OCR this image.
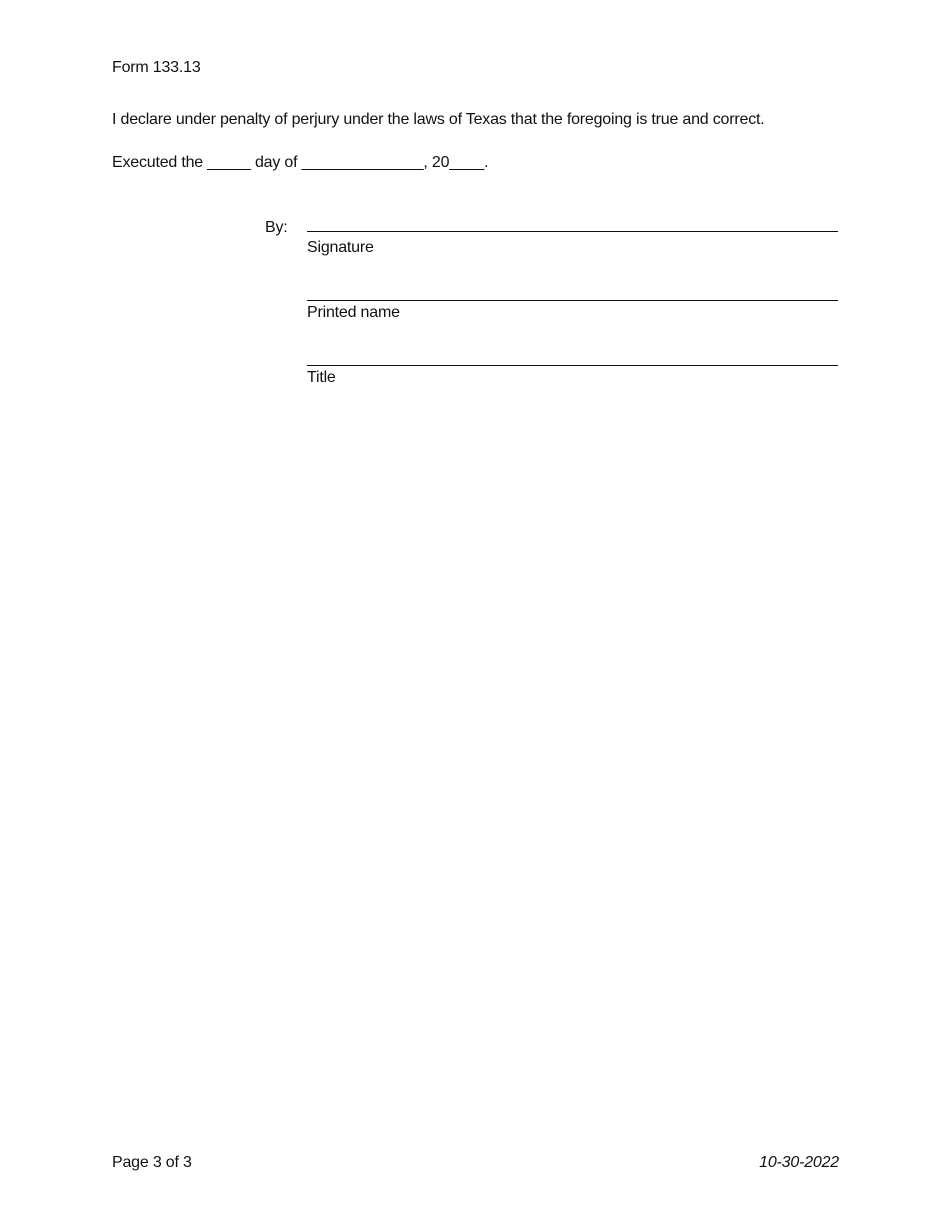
Form 133.13
I declare under penalty of perjury under the laws of Texas that the foregoing is true and correct.
Executed the _____ day of ______________, 20____.
By:
Signature
Printed name
Title
Page 3 of 3	10-30-2022
